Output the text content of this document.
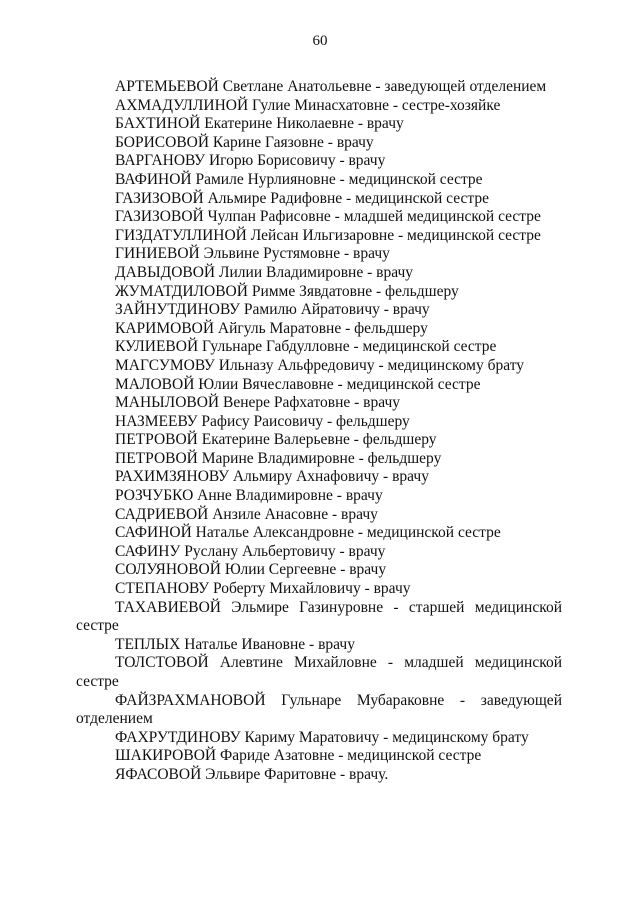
60
АРТЕМЬЕВОЙ Светлане Анатольевне - заведующей отделением
АХМАДУЛЛИНОЙ Гулие Минасхатовне - сестре-хозяйке
БАХТИНОЙ Екатерине Николаевне - врачу
БОРИСОВОЙ Карине Гаязовне - врачу
ВАРГАНОВУ Игорю Борисовичу - врачу
ВАФИНОЙ Рамиле Нурлияновне - медицинской сестре
ГАЗИЗОВОЙ Альмире Радифовне - медицинской сестре
ГАЗИЗОВОЙ Чулпан Рафисовне - младшей медицинской сестре
ГИЗДАТУЛЛИНОЙ Лейсан Ильгизаровне - медицинской сестре
ГИНИЕВОЙ Эльвине Рустямовне - врачу
ДАВЫДОВОЙ Лилии Владимировне - врачу
ЖУМАТДИЛОВОЙ Римме Зявдатовне - фельдшеру
ЗАЙНУТДИНОВУ Рамилю Айратовичу - врачу
КАРИМОВОЙ Айгуль Маратовне - фельдшеру
КУЛИЕВОЙ Гульнаре Габдулловне - медицинской сестре
МАГСУМОВУ Ильназу Альфредовичу - медицинскому брату
МАЛОВОЙ Юлии Вячеславовне - медицинской сестре
МАНЫЛОВОЙ Венере Рафхатовне - врачу
НАЗМЕЕВУ Рафису Раисовичу - фельдшеру
ПЕТРОВОЙ Екатерине Валерьевне - фельдшеру
ПЕТРОВОЙ Марине Владимировне - фельдшеру
РАХИМЗЯНОВУ Альмиру Ахнафовичу - врачу
РОЗЧУБКО Анне Владимировне - врачу
САДРИЕВОЙ Анзиле Анасовне - врачу
САФИНОЙ Наталье Александровне - медицинской сестре
САФИНУ Руслану Альбертовичу - врачу
СОЛУЯНОВОЙ Юлии Сергеевне - врачу
СТЕПАНОВУ Роберту Михайловичу - врачу
ТАХАВИЕВОЙ Эльмире Газинуровне - старшей медицинской сестре
ТЕПЛЫХ Наталье Ивановне - врачу
ТОЛСТОВОЙ Алевтине Михайловне - младшей медицинской сестре
ФАЙЗРАХМАНОВОЙ Гульнаре Мубараковне - заведующей отделением
ФАХРУТДИНОВУ Кариму Маратовичу - медицинскому брату
ШАКИРОВОЙ Фариде Азатовне - медицинской сестре
ЯФАСОВОЙ Эльвире Фаритовне - врачу.
